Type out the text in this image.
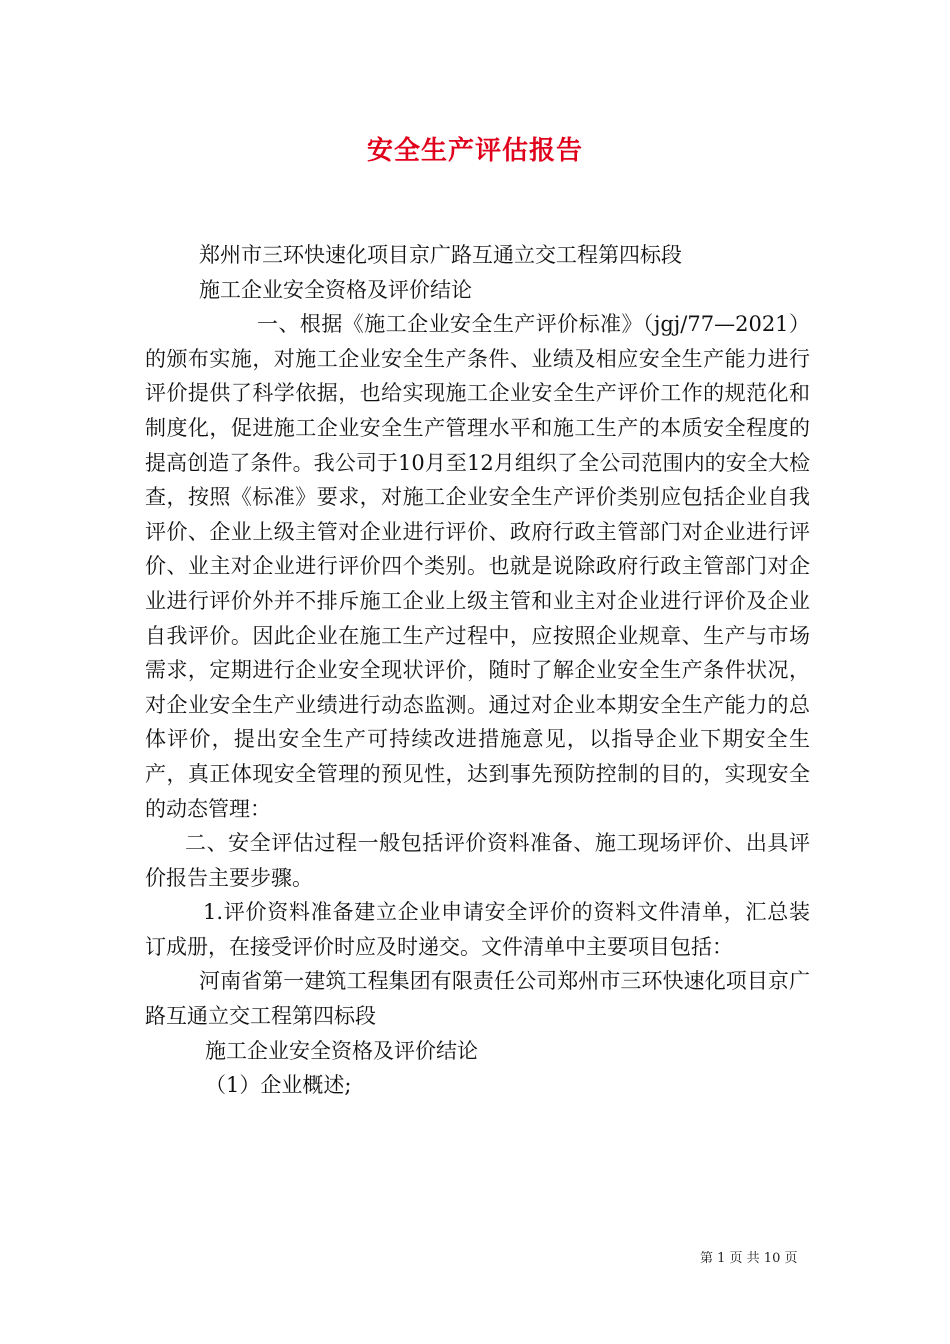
安全生产评估报告

郑州市三环快速化项目京广路互通立交工程第四标段

施工企业安全资格及评价结论

一、根据《施工企业安全生产评价标准》（jgj/77—2021）的颁布实施，对施工企业安全生产条件、业绩及相应安全生产能力进行评价提供了科学依据，也给实现施工企业安全生产评价工作的规范化和制度化，促进施工企业安全生产管理水平和施工生产的本质安全程度的提高创造了条件。我公司于10月至12月组织了全公司范围内的安全大检查，按照《标准》要求，对施工企业安全生产评价类别应包括企业自我评价、企业上级主管对企业进行评价、政府行政主管部门对企业进行评价、业主对企业进行评价四个类别。也就是说除政府行政主管部门对企业进行评价外并不排斥施工企业上级主管和业主对企业进行评价及企业自我评价。因此企业在施工生产过程中，应按照企业规章、生产与市场需求，定期进行企业安全现状评价，随时了解企业安全生产条件状况，对企业安全生产业绩进行动态监测。通过对企业本期安全生产能力的总体评价，提出安全生产可持续改进措施意见，以指导企业下期安全生产，真正体现安全管理的预见性，达到事先预防控制的目的，实现安全的动态管理：

二、安全评估过程一般包括评价资料准备、施工现场评价、出具评价报告主要步骤。

1.评价资料准备建立企业申请安全评价的资料文件清单，汇总装订成册，在接受评价时应及时递交。文件清单中主要项目包括：

河南省第一建筑工程集团有限责任公司郑州市三环快速化项目京广路互通立交工程第四标段

施工企业安全资格及评价结论

（1）企业概述;

第 1 页 共 10 页
